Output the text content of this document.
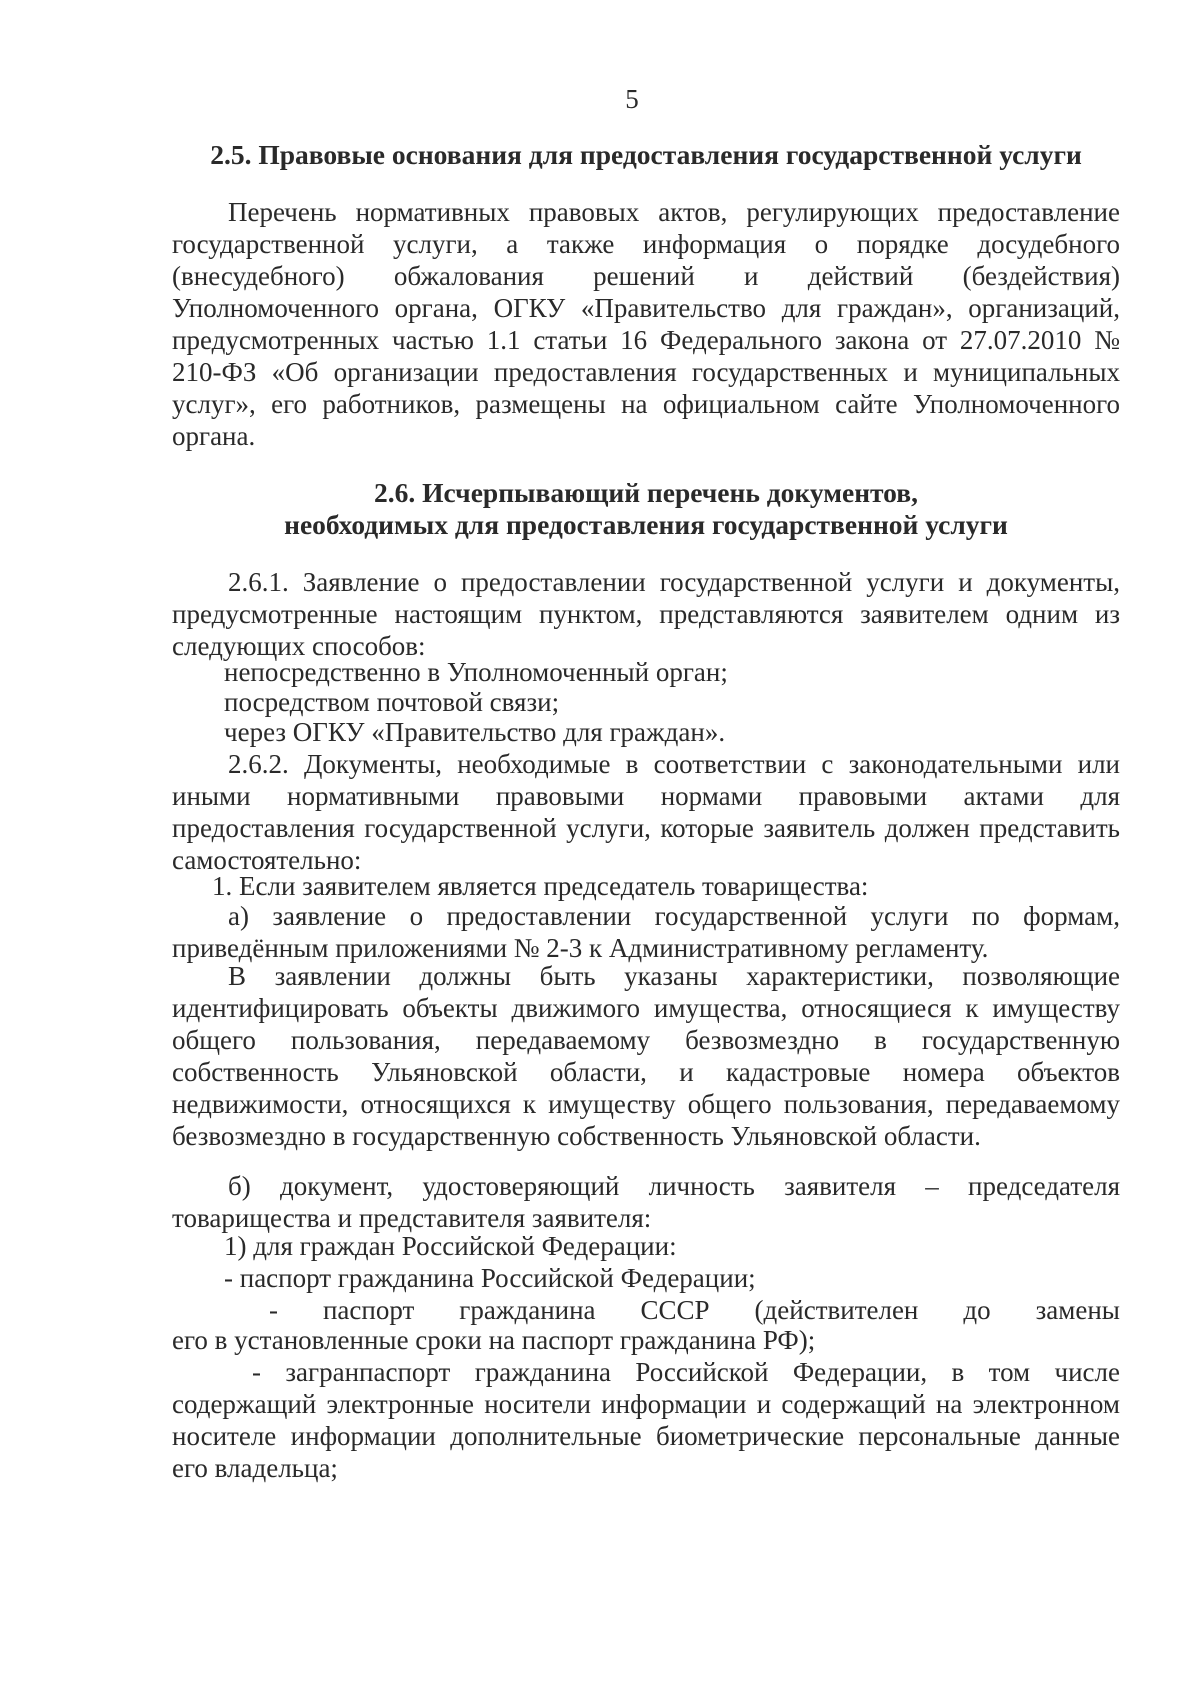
5
2.5. Правовые основания для предоставления государственной услуги

Перечень нормативных правовых актов, регулирующих предоставление государственной услуги, а также информация о порядке досудебного (внесудебного) обжалования решений и действий (бездействия) Уполномоченного органа, ОГКУ «Правительство для граждан», организаций, предусмотренных частью 1.1 статьи 16 Федерального закона от 27.07.2010 № 210-ФЗ «Об организации предоставления государственных и муниципальных услуг», его работников, размещены на официальном сайте Уполномоченного органа.

2.6. Исчерпывающий перечень документов,
необходимых для предоставления государственной услуги

2.6.1. Заявление о предоставлении государственной услуги и документы, предусмотренные настоящим пунктом, представляются заявителем одним из следующих способов:

непосредственно в Уполномоченный орган;
посредством почтовой связи;
через ОГКУ «Правительство для граждан».

2.6.2. Документы, необходимые в соответствии с законодательными или иными нормативными правовыми нормами правовыми актами для предоставления государственной услуги, которые заявитель должен представить самостоятельно:

1. Если заявителем является председатель товарищества:

а) заявление о предоставлении государственной услуги по формам, приведённым приложениями № 2-3 к Административному регламенту.

В заявлении должны быть указаны характеристики, позволяющие идентифицировать объекты движимого имущества, относящиеся к имуществу общего пользования, передаваемому безвозмездно в государственную собственность Ульяновской области, и кадастровые номера объектов недвижимости, относящихся к имуществу общего пользования, передаваемому безвозмездно в государственную собственность Ульяновской области.

б) документ, удостоверяющий личность заявителя – председателя товарищества и представителя заявителя:

1) для граждан Российской Федерации:
- паспорт гражданина Российской Федерации;
- паспорт гражданина СССР (действителен до замены
его в установленные сроки на паспорт гражданина РФ);

- загранпаспорт гражданина Российской Федерации, в том числе содержащий электронные носители информации и содержащий на электронном носителе информации дополнительные биометрические персональные данные его владельца;
